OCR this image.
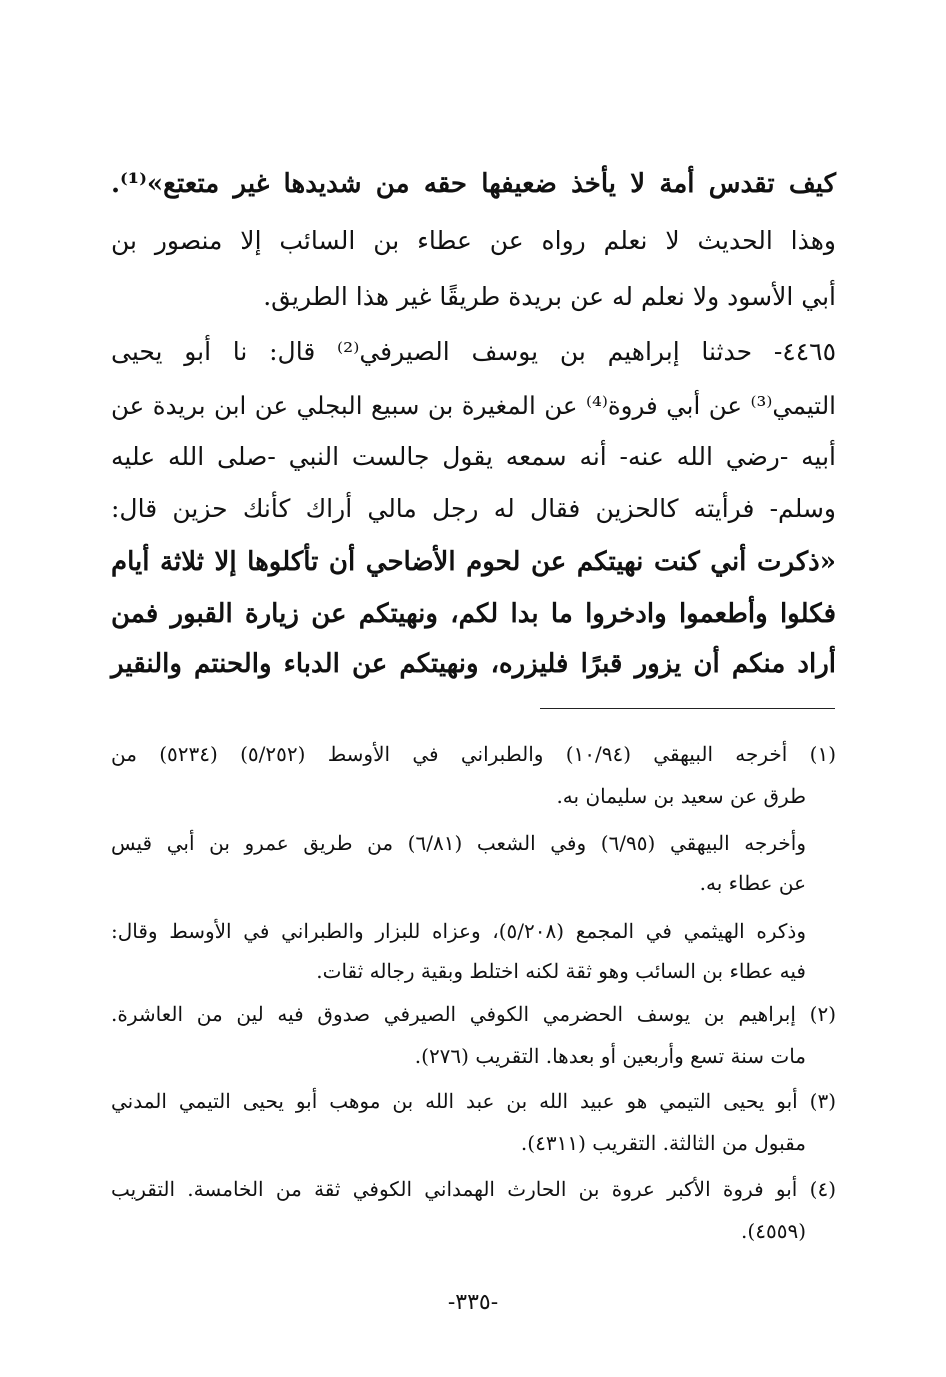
كيف تقدس أمة لا يأخذ ضعيفها حقه من شديدها غير متعتع»⁽¹⁾.
وهذا الحديث لا نعلم رواه عن عطاء بن السائب إلا منصور بن
أبي الأسود ولا نعلم له عن بريدة طريقًا غير هذا الطريق.
٤٤٦٥- حدثنا إبراهيم بن يوسف الصيرفي⁽²⁾ قال: نا أبو يحيى
التيمي⁽³⁾ عن أبي فروة⁽⁴⁾ عن المغيرة بن سبيع البجلي عن ابن بريدة عن
أبيه -رضي الله عنه- أنه سمعه يقول جالست النبي -صلى الله عليه
وسلم- فرأيته كالحزين فقال له رجل مالي أراك كأنك حزين قال:
«ذكرت أني كنت نهيتكم عن لحوم الأضاحي أن تأكلوها إلا ثلاثة أيام
فكلوا وأطعموا وادخروا ما بدا لكم، ونهيتكم عن زيارة القبور فمن
أراد منكم أن يزور قبرًا فليزره، ونهيتكم عن الدباء والحنتم والنقير
(١) أخرجه البيهقي (١٠/٩٤) والطبراني في الأوسط (٥/٢٥٢) (٥٢٣٤) من
طرق عن سعيد بن سليمان به.
وأخرجه البيهقي (٦/٩٥) وفي الشعب (٦/٨١) من طريق عمرو بن أبي قيس
عن عطاء به.
وذكره الهيثمي في المجمع (٥/٢٠٨)، وعزاه للبزار والطبراني في الأوسط وقال:
فيه عطاء بن السائب وهو ثقة لكنه اختلط وبقية رجاله ثقات.
(٢) إبراهيم بن يوسف الحضرمي الكوفي الصيرفي صدوق فيه لين من العاشرة.
مات سنة تسع وأربعين أو بعدها. التقريب (٢٧٦).
(٣) أبو يحيى التيمي هو عبيد الله بن عبد الله بن موهب أبو يحيى التيمي المدني
مقبول من الثالثة. التقريب (٤٣١١).
(٤) أبو فروة الأكبر عروة بن الحارث الهمداني الكوفي ثقة من الخامسة. التقريب
(٤٥٥٩).
-٣٣٥-
